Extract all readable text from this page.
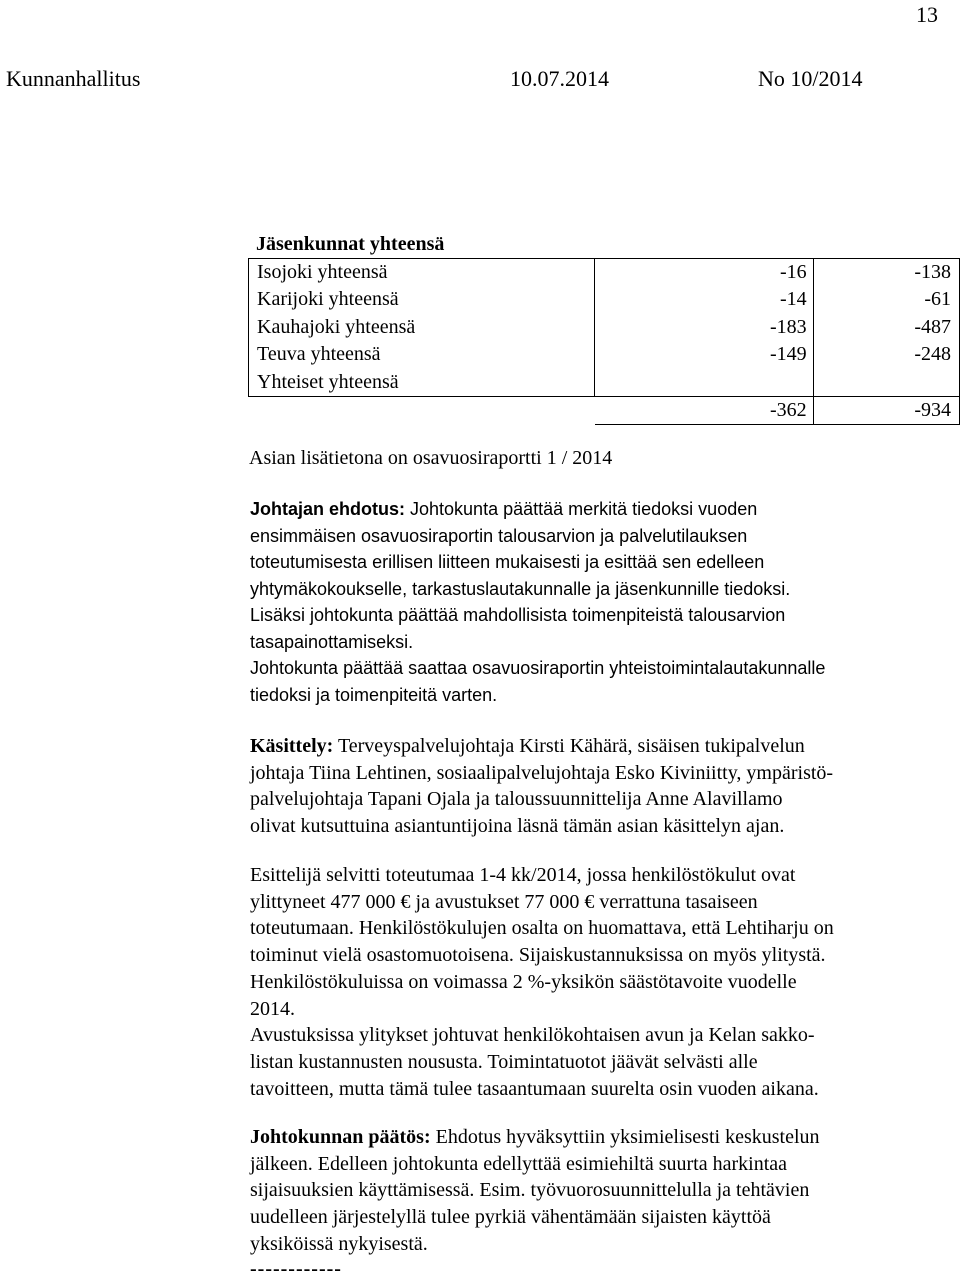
13
Kunnanhallitus	10.07.2014	No 10/2014
Jäsenkunnat yhteensä
Isojoki yhteensä	-16	-138
Karijoki yhteensä	-14	-61
Kauhajoki yhteensä	-183	-487
Teuva yhteensä	-149	-248
Yhteiset yhteensä		
	-362	-934
Asian lisätietona on osavuosiraportti 1 / 2014

Johtajan ehdotus: Johtokunta päättää merkitä tiedoksi vuoden

ensimmäisen osavuosiraportin talousarvion ja palvelutilauksen

toteutumisesta erillisen liitteen mukaisesti ja esittää sen edelleen

yhtymäkokoukselle, tarkastuslautakunnalle ja jäsenkunnille tiedoksi.

Lisäksi johtokunta päättää mahdollisista toimenpiteistä talousarvion

tasapainottamiseksi.

Johtokunta päättää saattaa osavuosiraportin yhteistoimintalautakunnalle

tiedoksi ja toimenpiteitä varten.

Käsittely: Terveyspalvelujohtaja Kirsti Kähärä, sisäisen tukipalvelun

johtaja Tiina Lehtinen, sosiaalipalvelujohtaja Esko Kiviniitty, ympäristö-

palvelujohtaja Tapani Ojala ja taloussuunnittelija Anne Alavillamo

olivat kutsuttuina asiantuntijoina läsnä tämän asian käsittelyn ajan.

Esittelijä selvitti toteutumaa 1-4 kk/2014, jossa henkilöstökulut ovat

ylittyneet 477 000 € ja avustukset 77 000 € verrattuna tasaiseen

toteutumaan. Henkilöstökulujen osalta on huomattava, että Lehtiharju on

toiminut vielä osastomuotoisena. Sijaiskustannuksissa on myös ylitystä.

Henkilöstökuluissa on voimassa 2 %-yksikön säästötavoite vuodelle

2014.

Avustuksissa ylitykset johtuvat henkilökohtaisen avun ja Kelan sakko-

listan kustannusten noususta. Toimintatuotot jäävät selvästi alle

tavoitteen, mutta tämä tulee tasaantumaan suurelta osin vuoden aikana.

Johtokunnan päätös: Ehdotus hyväksyttiin yksimielisesti keskustelun

jälkeen. Edelleen johtokunta edellyttää esimiehiltä suurta harkintaa

sijaisuuksien käyttämisessä. Esim. työvuorosuunnittelulla ja tehtävien

uudelleen järjestelyllä tulee pyrkiä vähentämään sijaisten käyttöä

yksiköissä nykyisestä.

------------
